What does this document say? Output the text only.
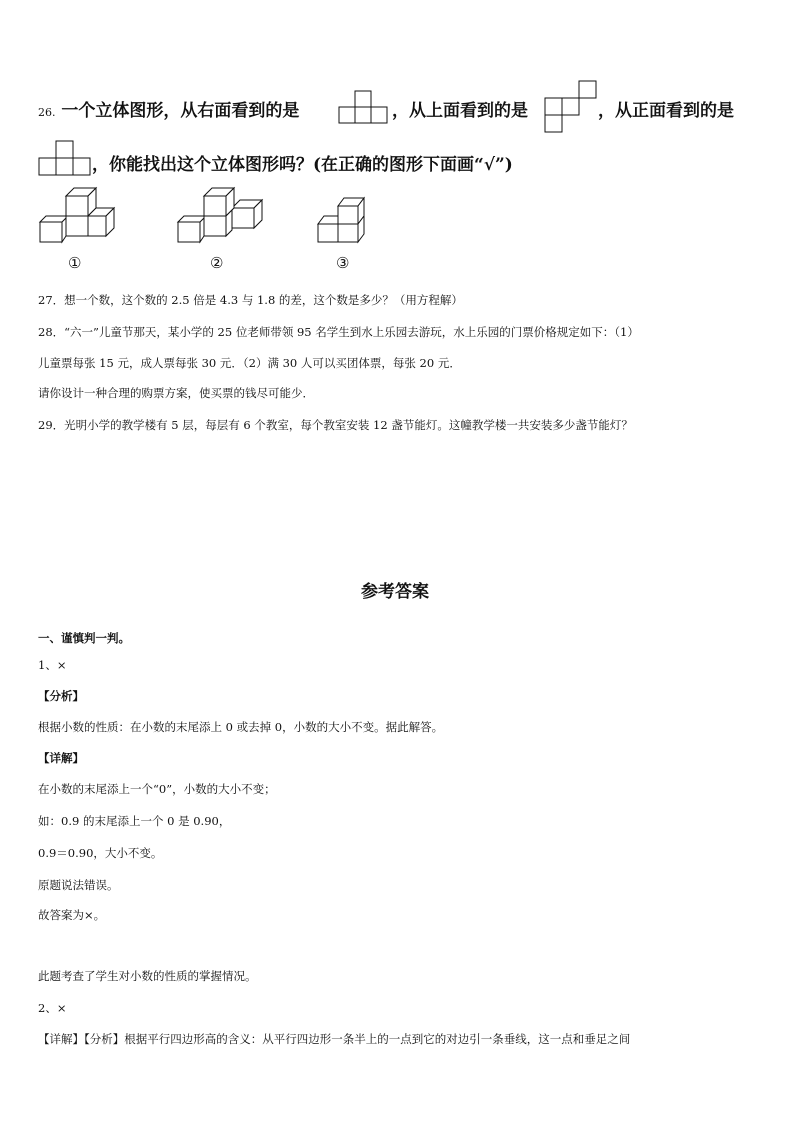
26. 一个立体图形，从右面看到的是	，从上面看到的是	，从正面看到的是
，你能找出这个立体图形吗？(在正确的图形下面画“√”)
①	②	③
27．想一个数，这个数的 2.5 倍是 4.3 与 1.8 的差，这个数是多少？（用方程解）
28．“六一”儿童节那天，某小学的 25 位老师带领 95 名学生到水上乐园去游玩，水上乐园的门票价格规定如下：（1）
儿童票每张 15 元，成人票每张 30 元．（2）满 30 人可以买团体票，每张 20 元．
请你设计一种合理的购票方案，使买票的钱尽可能少．
29．光明小学的教学楼有 5 层，每层有 6 个教室，每个教室安装 12 盏节能灯。这幢教学楼一共安装多少盏节能灯？
参考答案
一、谨慎判一判。
1、×
【分析】
根据小数的性质：在小数的末尾添上 0 或去掉 0，小数的大小不变。据此解答。
【详解】
在小数的末尾添上一个“0”，小数的大小不变；
如：0.9 的末尾添上一个 0 是 0.90，
0.9＝0.90，大小不变。
原题说法错误。
故答案为×。
此题考查了学生对小数的性质的掌握情况。
2、×
【详解】【分析】根据平行四边形高的含义：从平行四边形一条半上的一点到它的对边引一条垂线，这一点和垂足之间
